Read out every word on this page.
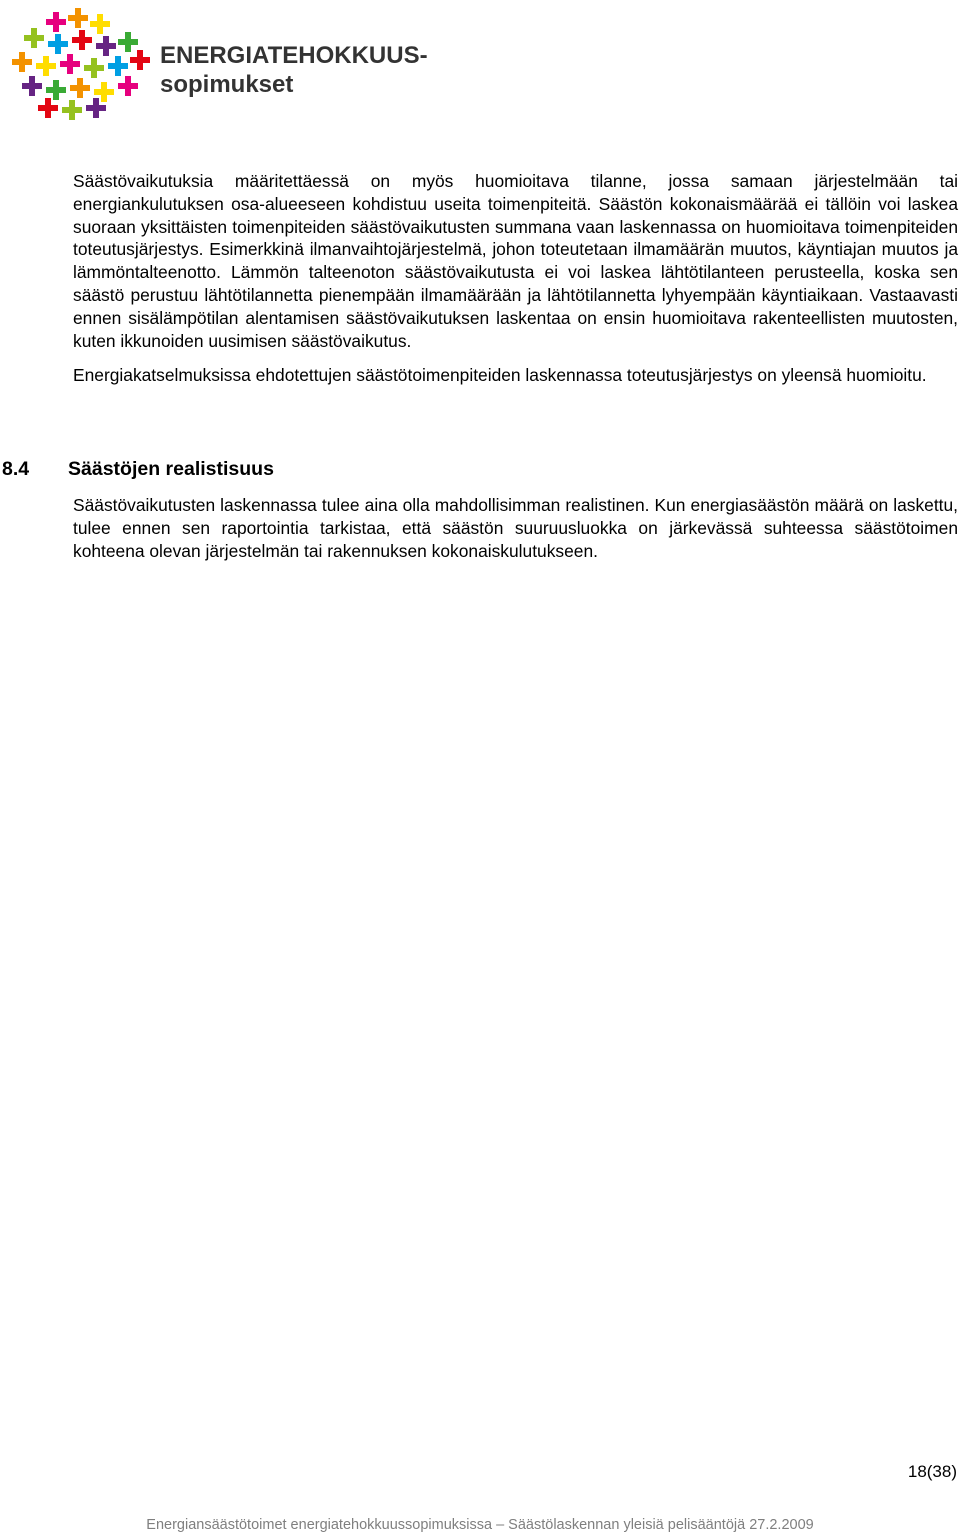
ENERGIATEHOKKUUS-
sopimukset

Säästövaikutuksia määritettäessä on myös huomioitava tilanne, jossa samaan järjestelmään tai energiankulutuksen osa-alueeseen kohdistuu useita toimenpiteitä. Säästön kokonaismäärää ei tällöin voi laskea suoraan yksittäisten toimenpiteiden säästövaikutusten summana vaan laskennassa on huomioitava toimenpiteiden toteutusjärjestys. Esimerkkinä ilmanvaihtojärjestelmä, johon toteutetaan ilmamäärän muutos, käyntiajan muutos ja lämmöntalteenotto. Lämmön talteenoton säästövaikutusta ei voi laskea lähtötilanteen perusteella, koska sen säästö perustuu lähtötilannetta pienempään ilmamäärään ja lähtötilannetta lyhyempään käyntiaikaan. Vastaavasti ennen sisälämpötilan alentamisen säästövaikutuksen laskentaa on ensin huomioitava rakenteellisten muutosten, kuten ikkunoiden uusimisen säästövaikutus.

Energiakatselmuksissa ehdotettujen säästötoimenpiteiden laskennassa toteutusjärjestys on yleensä huomioitu.

8.4 Säästöjen realistisuus

Säästövaikutusten laskennassa tulee aina olla mahdollisimman realistinen. Kun energiasäästön määrä on laskettu, tulee ennen sen raportointia tarkistaa, että säästön suuruusluokka on järkevässä suhteessa säästötoimen kohteena olevan järjestelmän tai rakennuksen kokonaiskulutukseen.

18(38)
Energiansäästötoimet energiatehokkuussopimuksissa – Säästölaskennan yleisiä pelisääntöjä 27.2.2009
